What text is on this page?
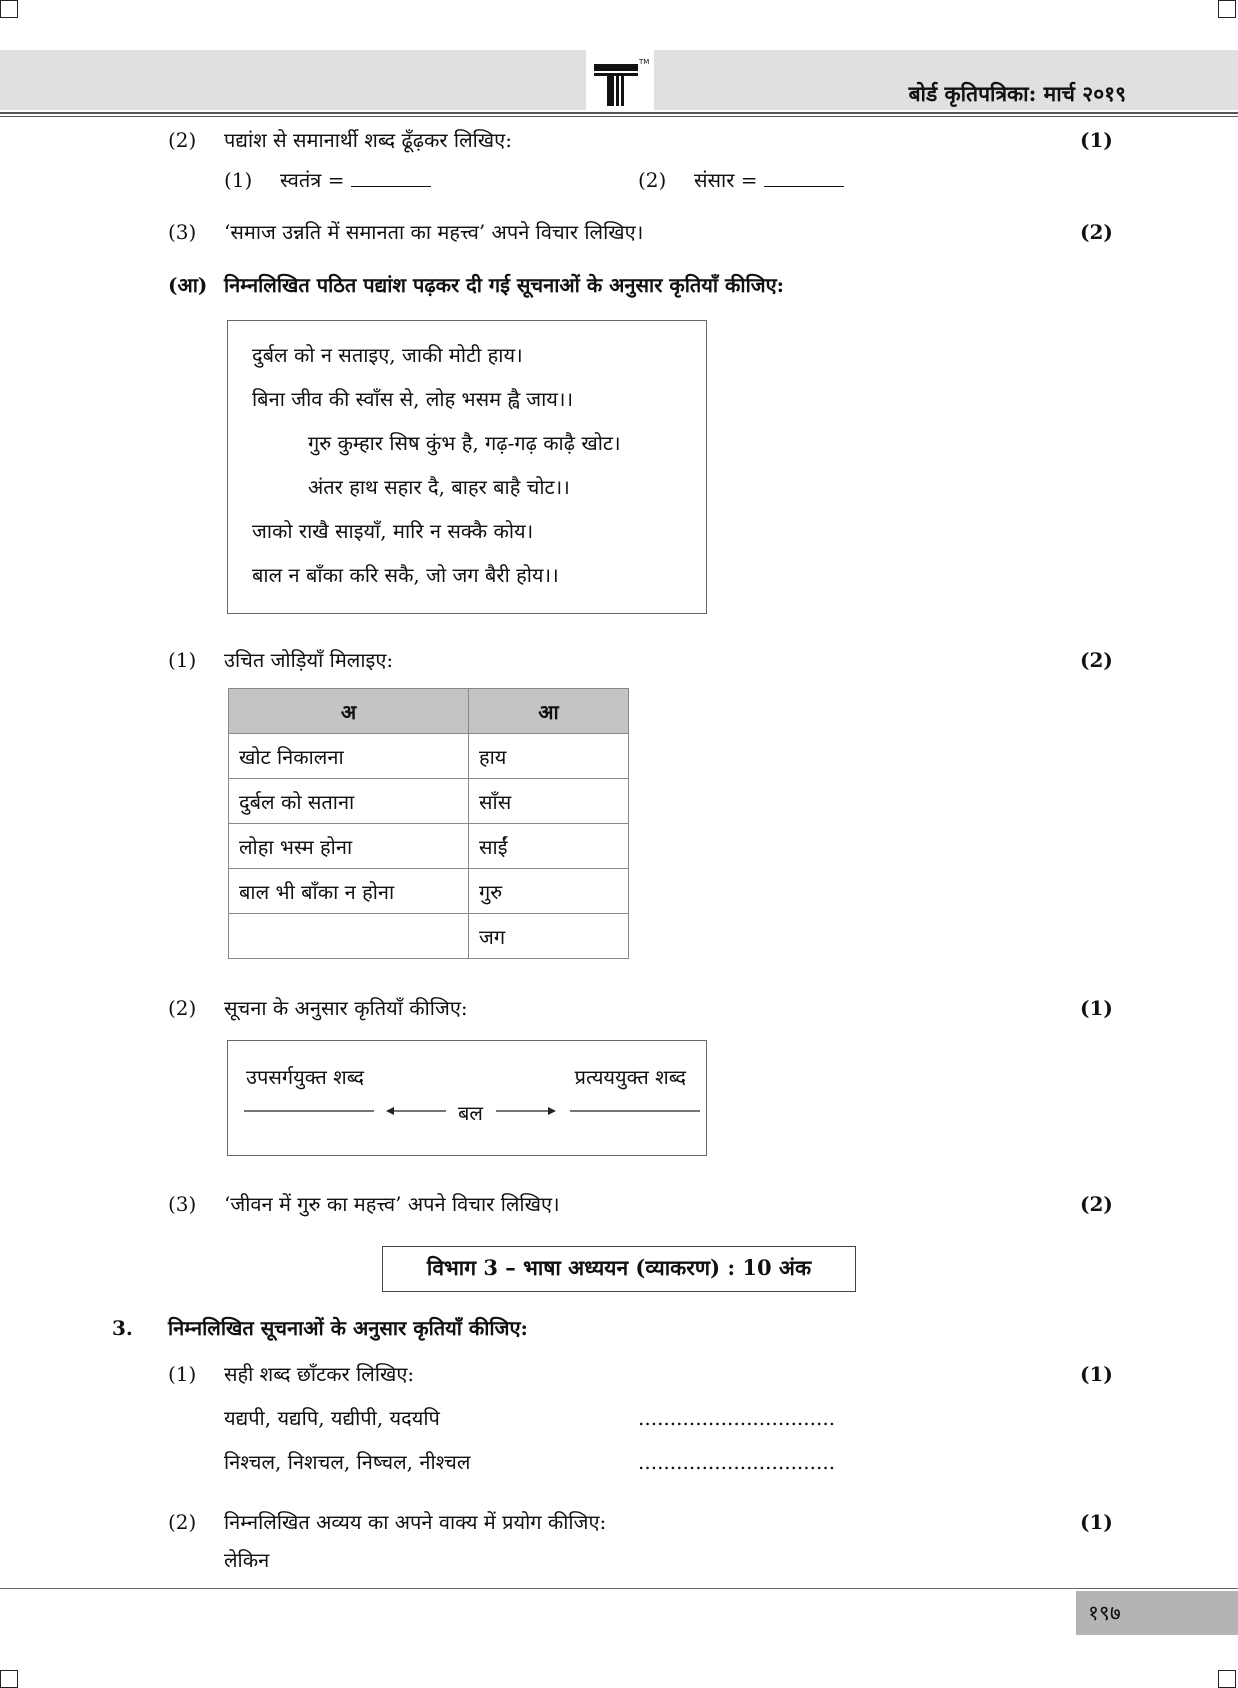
TM
बोर्ड कृतिपत्रिका: मार्च २०१९
(2) पद्यांश से समानार्थी शब्द ढूँढ़कर लिखिए:	(1)
(1) स्वतंत्र =	(2) संसार =
(3) ‘समाज उन्नति में समानता का महत्त्व’ अपने विचार लिखिए।	(2)
(आ) निम्नलिखित पठित पद्यांश पढ़कर दी गई सूचनाओं के अनुसार कृतियाँ कीजिए:
दुर्बल को न सताइए, जाकी मोटी हाय।
बिना जीव की स्वाँस से, लोह भसम ह्वै जाय।।
गुरु कुम्हार सिष कुंभ है, गढ़-गढ़ काढ़ै खोट।
अंतर हाथ सहार दै, बाहर बाहै चोट।।
जाको राखै साइयाँ, मारि न सक्कै कोय।
बाल न बाँका करि सकै, जो जग बैरी होय।।
(1) उचित जोड़ियाँ मिलाइए:	(2)
अ	आ
खोट निकालना	हाय
दुर्बल को सताना	साँस
लोहा भस्म होना	साईं
बाल भी बाँका न होना	गुरु
	जग
(2) सूचना के अनुसार कृतियाँ कीजिए:	(1)
उपसर्गयुक्त शब्द	प्रत्यययुक्त शब्द
बल
(3) ‘जीवन में गुरु का महत्त्व’ अपने विचार लिखिए।	(2)
विभाग 3 – भाषा अध्ययन (व्याकरण) : 10 अंक
3. निम्नलिखित सूचनाओं के अनुसार कृतियाँ कीजिए:
(1) सही शब्द छाँटकर लिखिए:	(1)
यद्यपी, यद्यपि, यद्यीपी, यदयपि	...............................
निश्चल, निशचल, निष्चल, नीश्चल	...............................
(2) निम्नलिखित अव्यय का अपने वाक्य में प्रयोग कीजिए:	(1)
लेकिन
१९७
